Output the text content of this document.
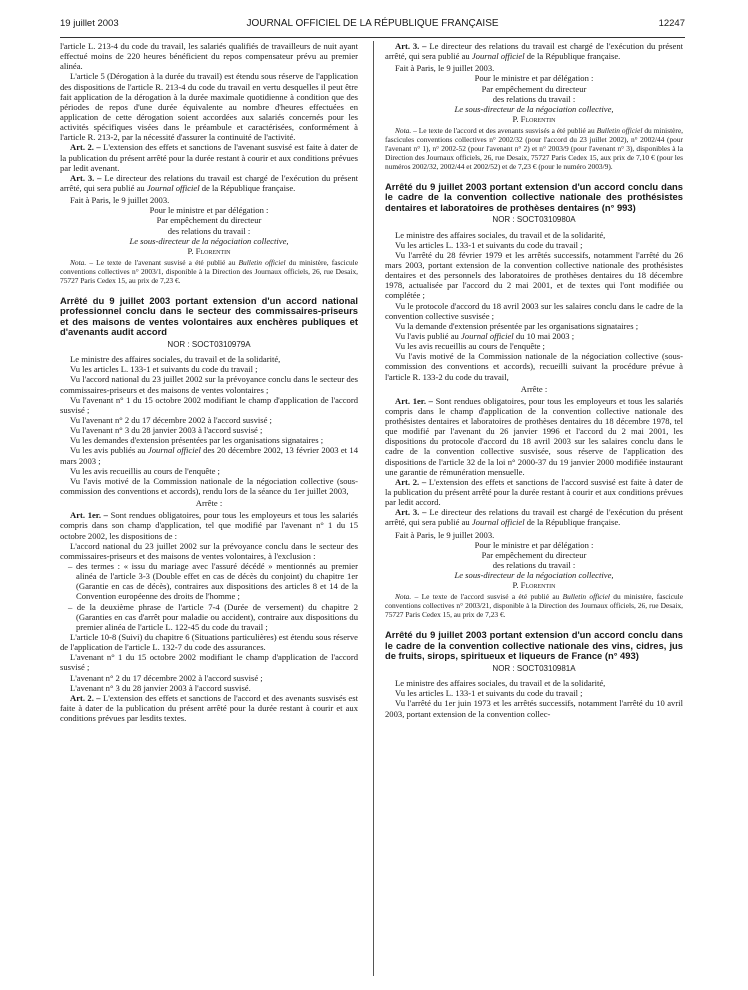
19 juillet 2003	JOURNAL OFFICIEL DE LA RÉPUBLIQUE FRANÇAISE	12247

l'article L. 213-4 du code du travail, les salariés qualifiés de travailleurs de nuit ayant effectué moins de 220 heures bénéficient du repos compensateur prévu au premier alinéa.

L'article 5 (Dérogation à la durée du travail) est étendu sous réserve de l'application des dispositions de l'article R. 213-4 du code du travail en vertu desquelles il peut être fait application de la dérogation à la durée maximale quotidienne à condition que des périodes de repos d'une durée équivalente au nombre d'heures effectuées en application de cette dérogation soient accordées aux salariés concernés pour les activités spécifiques visées dans le préambule et caractérisées, conformément à l'article R. 213-2, par la nécessité d'assurer la continuité de l'activité.

Art. 2. – L'extension des effets et sanctions de l'avenant susvisé est faite à dater de la publication du présent arrêté pour la durée restant à courir et aux conditions prévues par ledit avenant.

Art. 3. – Le directeur des relations du travail est chargé de l'exécution du présent arrêté, qui sera publié au Journal officiel de la République française.

Fait à Paris, le 9 juillet 2003.

Pour le ministre et par délégation :

Par empêchement du directeur

des relations du travail :

Le sous-directeur de la négociation collective,

P. Florentin

Nota. – Le texte de l'avenant susvisé a été publié au Bulletin officiel du ministère, fascicule conventions collectives n° 2003/1, disponible à la Direction des Journaux officiels, 26, rue Desaix, 75727 Paris Cedex 15, au prix de 7,23 €.

Arrêté du 9 juillet 2003 portant extension d'un accord national professionnel conclu dans le secteur des commissaires-priseurs et des maisons de ventes volontaires aux enchères publiques et d'avenants audit accord

NOR : SOCT0310979A

Le ministre des affaires sociales, du travail et de la solidarité,

Vu les articles L. 133-1 et suivants du code du travail ;

Vu l'accord national du 23 juillet 2002 sur la prévoyance conclu dans le secteur des commissaires-priseurs et des maisons de ventes volontaires ;

Vu l'avenant n° 1 du 15 octobre 2002 modifiant le champ d'application de l'accord susvisé ;

Vu l'avenant n° 2 du 17 décembre 2002 à l'accord susvisé ;

Vu l'avenant n° 3 du 28 janvier 2003 à l'accord susvisé ;

Vu les demandes d'extension présentées par les organisations signataires ;

Vu les avis publiés au Journal officiel des 20 décembre 2002, 13 février 2003 et 14 mars 2003 ;

Vu les avis recueillis au cours de l'enquête ;

Vu l'avis motivé de la Commission nationale de la négociation collective (sous-commission des conventions et accords), rendu lors de la séance du 1er juillet 2003,

Arrête :

Art. 1er. – Sont rendues obligatoires, pour tous les employeurs et tous les salariés compris dans son champ d'application, tel que modifié par l'avenant n° 1 du 15 octobre 2002, les dispositions de :

L'accord national du 23 juillet 2002 sur la prévoyance conclu dans le secteur des commissaires-priseurs et des maisons de ventes volontaires, à l'exclusion :

– des termes : « issu du mariage avec l'assuré décédé » mentionnés au premier alinéa de l'article 3-3 (Double effet en cas de décès du conjoint) du chapitre 1er (Garantie en cas de décès), contraires aux dispositions des articles 8 et 14 de la Convention européenne des droits de l'homme ;

– de la deuxième phrase de l'article 7-4 (Durée de versement) du chapitre 2 (Garanties en cas d'arrêt pour maladie ou accident), contraire aux dispositions du premier alinéa de l'article L. 122-45 du code du travail ;

L'article 10-8 (Suivi) du chapitre 6 (Situations particulières) est étendu sous réserve de l'application de l'article L. 132-7 du code des assurances.

L'avenant n° 1 du 15 octobre 2002 modifiant le champ d'application de l'accord susvisé ;

L'avenant n° 2 du 17 décembre 2002 à l'accord susvisé ;

L'avenant n° 3 du 28 janvier 2003 à l'accord susvisé.

Art. 2. – L'extension des effets et sanctions de l'accord et des avenants susvisés est faite à dater de la publication du présent arrêté pour la durée restant à courir et aux conditions prévues par lesdits textes.

Art. 3. – Le directeur des relations du travail est chargé de l'exécution du présent arrêté, qui sera publié au Journal officiel de la République française.

Fait à Paris, le 9 juillet 2003.

Pour le ministre et par délégation :

Par empêchement du directeur

des relations du travail :

Le sous-directeur de la négociation collective,

P. Florentin

Nota. – Le texte de l'accord et des avenants susvisés a été publié au Bulletin officiel du ministère, fascicules conventions collectives n° 2002/32 (pour l'accord du 23 juillet 2002), n° 2002/44 (pour l'avenant n° 1), n° 2002-52 (pour l'avenant n° 2) et n° 2003/9 (pour l'avenant n° 3), disponibles à la Direction des Journaux officiels, 26, rue Desaix, 75727 Paris Cedex 15, aux prix de 7,10 € (pour les numéros 2002/32, 2002/44 et 2002/52) et de 7,23 € (pour le numéro 2003/9).

Arrêté du 9 juillet 2003 portant extension d'un accord conclu dans le cadre de la convention collective nationale des prothésistes dentaires et laboratoires de prothèses dentaires (n° 993)

NOR : SOCT0310980A

Le ministre des affaires sociales, du travail et de la solidarité,

Vu les articles L. 133-1 et suivants du code du travail ;

Vu l'arrêté du 28 février 1979 et les arrêtés successifs, notamment l'arrêté du 26 mars 2003, portant extension de la convention collective nationale des prothésistes dentaires et des personnels des laboratoires de prothèses dentaires du 18 décembre 1978, actualisée par l'accord du 2 mai 2001, et de textes qui l'ont modifiée ou complétée ;

Vu le protocole d'accord du 18 avril 2003 sur les salaires conclu dans le cadre de la convention collective susvisée ;

Vu la demande d'extension présentée par les organisations signataires ;

Vu l'avis publié au Journal officiel du 10 mai 2003 ;

Vu les avis recueillis au cours de l'enquête ;

Vu l'avis motivé de la Commission nationale de la négociation collective (sous-commission des conventions et accords), recueilli suivant la procédure prévue à l'article R. 133-2 du code du travail,

Arrête :

Art. 1er. – Sont rendues obligatoires, pour tous les employeurs et tous les salariés compris dans le champ d'application de la convention collective nationale des prothésistes dentaires et laboratoires de prothèses dentaires du 18 décembre 1978, tel que modifié par l'avenant du 26 janvier 1996 et l'accord du 2 mai 2001, les dispositions du protocole d'accord du 18 avril 2003 sur les salaires conclu dans le cadre de la convention collective susvisée, sous réserve de l'application des dispositions de l'article 32 de la loi n° 2000-37 du 19 janvier 2000 modifiée instaurant une garantie de rémunération mensuelle.

Art. 2. – L'extension des effets et sanctions de l'accord susvisé est faite à dater de la publication du présent arrêté pour la durée restant à courir et aux conditions prévues par ledit accord.

Art. 3. – Le directeur des relations du travail est chargé de l'exécution du présent arrêté, qui sera publié au Journal officiel de la République française.

Fait à Paris, le 9 juillet 2003.

Pour le ministre et par délégation :

Par empêchement du directeur

des relations du travail :

Le sous-directeur de la négociation collective,

P. Florentin

Nota. – Le texte de l'accord susvisé a été publié au Bulletin officiel du ministère, fascicule conventions collectives n° 2003/21, disponible à la Direction des Journaux officiels, 26, rue Desaix, 75727 Paris Cedex 15, au prix de 7,23 €.

Arrêté du 9 juillet 2003 portant extension d'un accord conclu dans le cadre de la convention collective nationale des vins, cidres, jus de fruits, sirops, spiritueux et liqueurs de France (n° 493)

NOR : SOCT0310981A

Le ministre des affaires sociales, du travail et de la solidarité,

Vu les articles L. 133-1 et suivants du code du travail ;

Vu l'arrêté du 1er juin 1973 et les arrêtés successifs, notamment l'arrêté du 10 avril 2003, portant extension de la convention collec-
